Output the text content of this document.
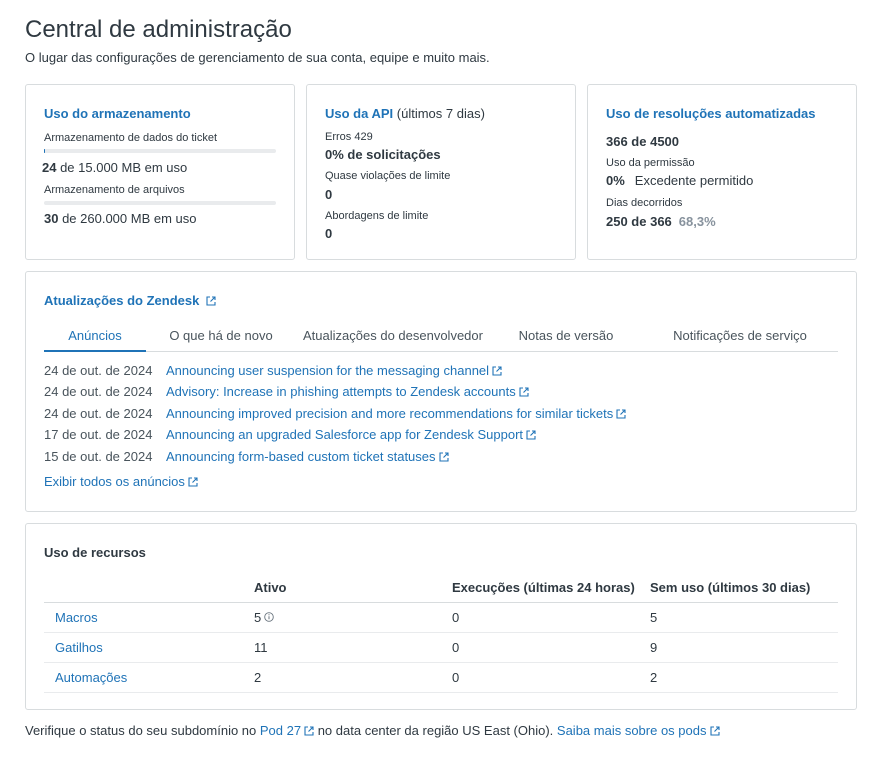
Central de administração

O lugar das configurações de gerenciamento de sua conta, equipe e muito mais.

Uso do armazenamento
Armazenamento de dados do ticket
24 de 15.000 MB em uso
Armazenamento de arquivos
30 de 260.000 MB em uso
Uso da API (últimos 7 dias)
Erros 429
0% de solicitações
Quase violações de limite
0
Abordagens de limite
0
Uso de resoluções automatizadas
366 de 4500
Uso da permissão
0% Excedente permitido
Dias decorridos
250 de 366 68,3%
Atualizações do Zendesk
Anúncios	O que há de novo	Atualizações do desenvolvedor	Notas de versão	Notificações de serviço
24 de out. de 2024 Announcing user suspension for the messaging channel
24 de out. de 2024 Advisory: Increase in phishing attempts to Zendesk accounts
24 de out. de 2024 Announcing improved precision and more recommendations for similar tickets
17 de out. de 2024 Announcing an upgraded Salesforce app for Zendesk Support
15 de out. de 2024 Announcing form-based custom ticket statuses
Exibir todos os anúncios
Uso de recursos
	Ativo	Execuções (últimas 24 horas)	Sem uso (últimos 30 dias)
Macros	5	0	5
Gatilhos	11	0	9
Automações	2	0	2
Verifique o status do seu subdomínio no Pod 27 no data center da região US East (Ohio). Saiba mais sobre os pods
